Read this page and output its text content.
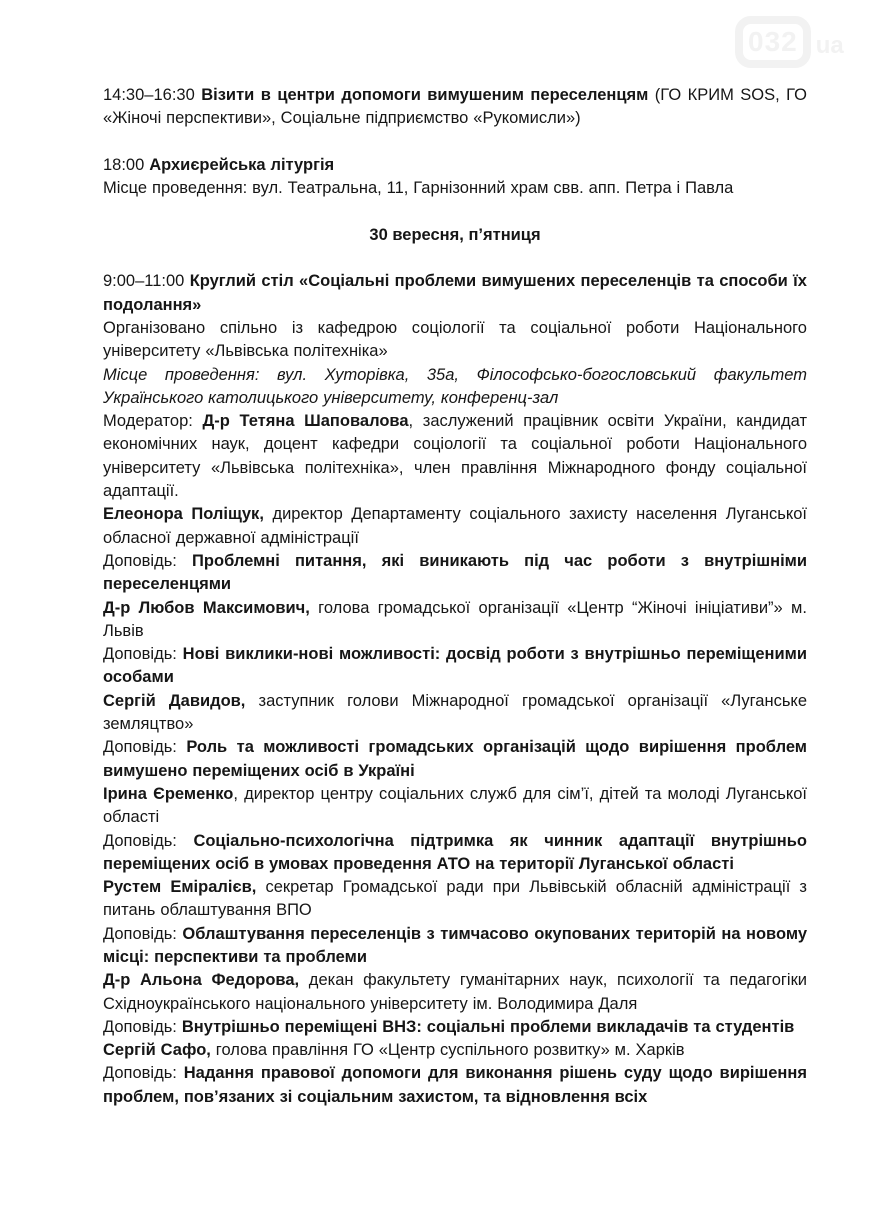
032 ua

14:30–16:30 Візити в центри допомоги вимушеним переселенцям (ГО КРИМ SOS, ГО «Жіночі перспективи», Соціальне підприємство «Рукомисли»)

18:00 Архиєрейська літургія

Місце проведення: вул. Театральна, 11, Гарнізонний храм свв. апп. Петра і Павла

30 вересня, п’ятниця

9:00–11:00 Круглий стіл «Соціальні проблеми вимушених переселенців та способи їх подолання»

Організовано спільно із кафедрою соціології та соціальної роботи Національного університету «Львівська політехніка»

Місце проведення: вул. Хуторівка, 35а, Філософсько-богословський факультет Українського католицького університету, конференц-зал

Модератор: Д-р Тетяна Шаповалова, заслужений працівник освіти України, кандидат економічних наук, доцент кафедри соціології та соціальної роботи Національного університету «Львівська політехніка», член правління Міжнародного фонду соціальної адаптації.

Елеонора Поліщук, директор Департаменту соціального захисту населення Луганської обласної державної адміністрації

Доповідь: Проблемні питання, які виникають під час роботи з внутрішніми переселенцями

Д-р Любов Максимович, голова громадської організації «Центр “Жіночі ініціативи”» м. Львів

Доповідь: Нові виклики-нові можливості: досвід роботи з внутрішньо переміщеними особами

Сергій Давидов, заступник голови Міжнародної громадської організації «Луганське земляцтво»

Доповідь: Роль та можливості громадських організацій щодо вирішення проблем вимушено переміщених осіб в Україні

Ірина Єременко, директор центру соціальних служб для сім’ї, дітей та молоді Луганської області

Доповідь: Соціально-психологічна підтримка як чинник адаптації внутрішньо переміщених осіб в умовах проведення АТО на території Луганської області

Рустем Еміралієв, секретар Громадської ради при Львівській обласній адміністрації з питань облаштування ВПО

Доповідь: Облаштування переселенців з тимчасово окупованих територій на новому місці: перспективи та проблеми

Д-р Альона Федорова, декан факультету гуманітарних наук, психології та педагогіки Східноукраїнського національного університету ім. Володимира Даля

Доповідь: Внутрішньо переміщені ВНЗ: соціальні проблеми викладачів та студентів

Сергій Сафо, голова правління ГО «Центр суспільного розвитку» м. Харків

Доповідь: Надання правової допомоги для виконання рішень суду щодо вирішення проблем, пов’язаних зі соціальним захистом, та відновлення всіх
